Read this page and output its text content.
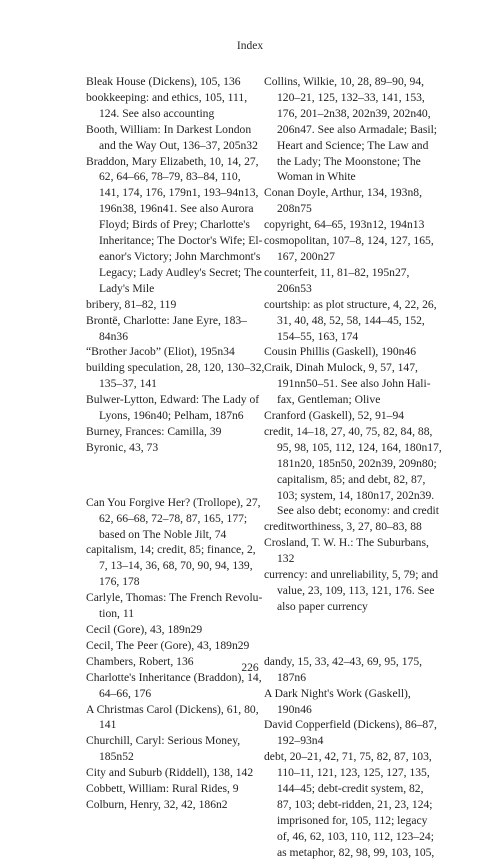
Index
Bleak House (Dickens), 105, 136
bookkeeping: and ethics, 105, 111,
124. See also accounting
Booth, William: In Darkest London
and the Way Out, 136–37, 205n32
Braddon, Mary Elizabeth, 10, 14, 27,
62, 64–66, 78–79, 83–84, 110,
141, 174, 176, 179n1, 193–94n13,
196n38, 196n41. See also Aurora
Floyd; Birds of Prey; Charlotte's
Inheritance; The Doctor's Wife; El-
eanor's Victory; John Marchmont's
Legacy; Lady Audley's Secret; The
Lady's Mile
bribery, 81–82, 119
Brontë, Charlotte: Jane Eyre, 183–
84n36
“Brother Jacob” (Eliot), 195n34
building speculation, 28, 120, 130–32,
135–37, 141
Bulwer-Lytton, Edward: The Lady of
Lyons, 196n40; Pelham, 187n6
Burney, Frances: Camilla, 39
Byronic, 43, 73
Can You Forgive Her? (Trollope), 27,
62, 66–68, 72–78, 87, 165, 177;
based on The Noble Jilt, 74
capitalism, 14; credit, 85; finance, 2,
7, 13–14, 36, 68, 70, 90, 94, 139,
176, 178
Carlyle, Thomas: The French Revolu-
tion, 11
Cecil (Gore), 43, 189n29
Cecil, The Peer (Gore), 43, 189n29
Chambers, Robert, 136
Charlotte's Inheritance (Braddon), 14,
64–66, 176
A Christmas Carol (Dickens), 61, 80,
141
Churchill, Caryl: Serious Money,
185n52
City and Suburb (Riddell), 138, 142
Cobbett, William: Rural Rides, 9
Colburn, Henry, 32, 42, 186n2
Collins, Wilkie, 10, 28, 89–90, 94,
120–21, 125, 132–33, 141, 153,
176, 201–2n38, 202n39, 202n40,
206n47. See also Armadale; Basil;
Heart and Science; The Law and
the Lady; The Moonstone; The
Woman in White
Conan Doyle, Arthur, 134, 193n8,
208n75
copyright, 64–65, 193n12, 194n13
cosmopolitan, 107–8, 124, 127, 165,
167, 200n27
counterfeit, 11, 81–82, 195n27, 206n53
courtship: as plot structure, 4, 22, 26,
31, 40, 48, 52, 58, 144–45, 152,
154–55, 163, 174
Cousin Phillis (Gaskell), 190n46
Craik, Dinah Mulock, 9, 57, 147,
191nn50–51. See also John Hali-
fax, Gentleman; Olive
Cranford (Gaskell), 52, 91–94
credit, 14–18, 27, 40, 75, 82, 84, 88,
95, 98, 105, 112, 124, 164, 180n17,
181n20, 185n50, 202n39, 209n80;
capitalism, 85; and debt, 82, 87,
103; system, 14, 180n17, 202n39.
See also debt; economy: and credit
creditworthiness, 3, 27, 80–83, 88
Crosland, T. W. H.: The Suburbans, 132
currency: and unreliability, 5, 79; and
value, 23, 109, 113, 121, 176. See
also paper currency
dandy, 15, 33, 42–43, 69, 95, 175,
187n6
A Dark Night's Work (Gaskell), 190n46
David Copperfield (Dickens), 86–87,
192–93n4
debt, 20–21, 42, 71, 75, 82, 87, 103,
110–11, 121, 123, 125, 127, 135,
144–45; debt-credit system, 82,
87, 103; debt-ridden, 21, 23, 124;
imprisoned for, 105, 112; legacy
of, 46, 62, 103, 110, 112, 123–24;
as metaphor, 82, 98, 99, 103, 105,
226
